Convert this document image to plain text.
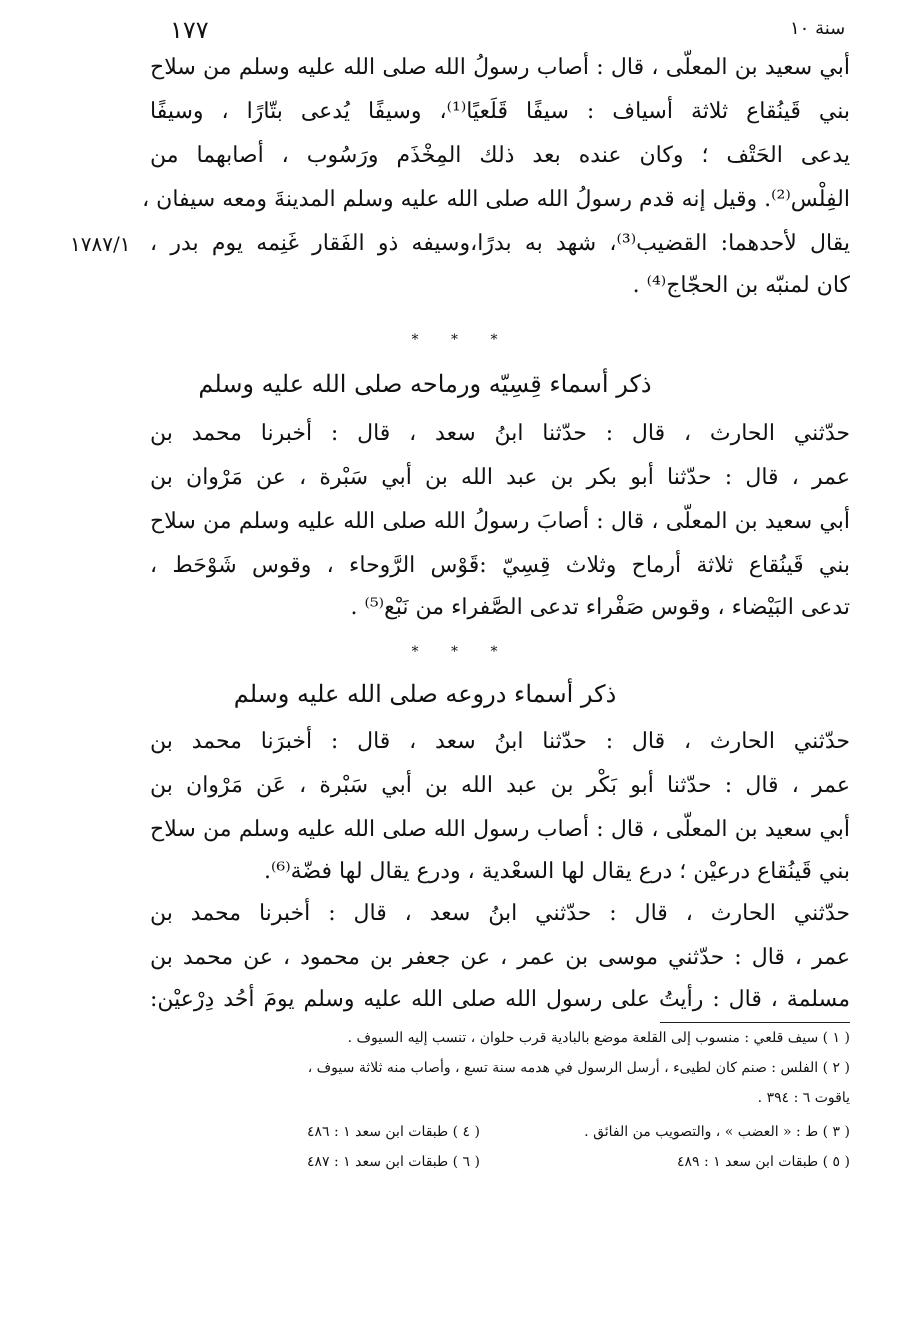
١٧٧	سنة ١٠
أبي سعيد بن المعلّى ، قال : أصاب رسولُ الله صلى الله عليه وسلم من سلاح
بني قَينُقاع ثلاثة أسياف : سيفًا قَلَعيًا⁽¹⁾، وسيفًا يُدعى بتّارًا ، وسيفًا
يدعى الحَتْف ؛ وكان عنده بعد ذلك المِخْذَم ورَسُوب ، أصابهما من
الفِلْس⁽²⁾. وقيل إنه قدم رسولُ الله صلى الله عليه وسلم المدينةَ ومعه سيفان ،
يقال لأحدهما: القضيب⁽³⁾، شهد به بدرًا،وسيفه ذو الفَقار غَنِمه يوم بدر ،
١٧٨٧/١
كان لمنبّه بن الحجّاج⁽⁴⁾ .
* * *
ذكر أسماء قِسِيّه ورماحه صلى الله عليه وسلم
حدّثني الحارث ، قال : حدّثنا ابنُ سعد ، قال : أخبرنا محمد بن
عمر ، قال : حدّثنا أبو بكر بن عبد الله بن أبي سَبْرة ، عن مَرْوان بن
أبي سعيد بن المعلّى ، قال : أصابَ رسولُ الله صلى الله عليه وسلم من سلاح
بني قَينُقاع ثلاثة أرماح وثلاث قِسِيّ :قَوْس الرَّوحاء ، وقوس شَوْحَط ،
تدعى البَيْضاء ، وقوس صَفْراء تدعى الصَّفراء من نَبْع⁽⁵⁾ .
* * *
ذكر أسماء دروعه صلى الله عليه وسلم
حدّثني الحارث ، قال : حدّثنا ابنُ سعد ، قال : أخبرَنا محمد بن
عمر ، قال : حدّثنا أبو بَكْر بن عبد الله بن أبي سَبْرة ، عَن مَرْوان بن
أبي سعيد بن المعلّى ، قال : أصاب رسول الله صلى الله عليه وسلم من سلاح
بني قَينُقاع درعيْن ؛ درع يقال لها السعْدية ، ودرع يقال لها فضّة⁽⁶⁾.
حدّثني الحارث ، قال : حدّثني ابنُ سعد ، قال : أخبرنا محمد بن
عمر ، قال : حدّثني موسى بن عمر ، عن جعفر بن محمود ، عن محمد بن
مسلمة ، قال : رأيتُ على رسول الله صلى الله عليه وسلم يومَ أحُد دِرْعيْن:
( ١ ) سيف قلعي : منسوب إلى القلعة موضع بالبادية قرب حلوان ، تنسب إليه السيوف .
( ٢ ) الفلس : صنم كان لطيىء ، أرسل الرسول في هدمه سنة تسع ، وأصاب منه ثلاثة سيوف ،
ياقوت ٦ : ٣٩٤ .
( ٣ ) ط : « العضب » ، والتصويب من الفائق .
( ٤ ) طبقات ابن سعد ١ : ٤٨٦
( ٥ ) طبقات ابن سعد ١ : ٤٨٩
( ٦ ) طبقات ابن سعد ١ : ٤٨٧
